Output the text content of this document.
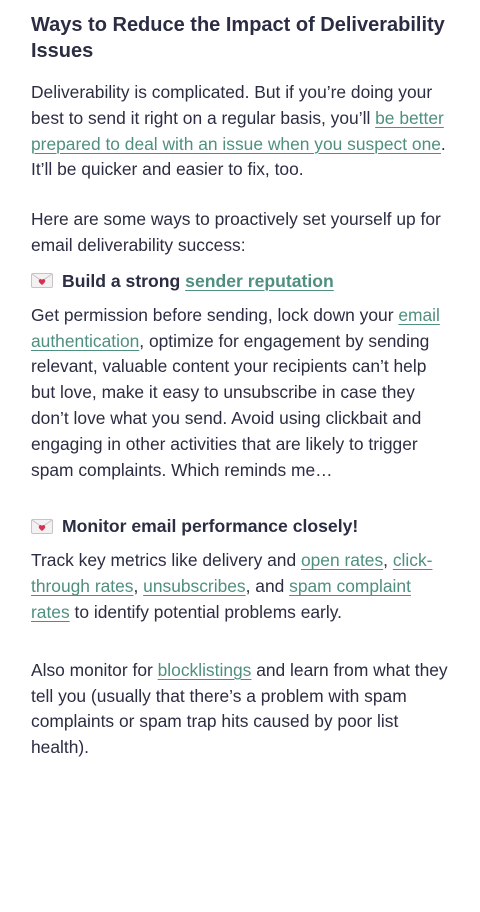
Ways to Reduce the Impact of Deliverability Issues

Deliverability is complicated. But if you’re doing your best to send it right on a regular basis, you’ll be better prepared to deal with an issue when you suspect one. It’ll be quicker and easier to fix, too.

Here are some ways to proactively set yourself up for email deliverability success:

Build a strong sender reputation

Get permission before sending, lock down your email authentication, optimize for engagement by sending relevant, valuable content your recipients can’t help but love, make it easy to unsubscribe in case they don’t love what you send. Avoid using clickbait and engaging in other activities that are likely to trigger spam complaints. Which reminds me…

Monitor email performance closely!

Track key metrics like delivery and open rates, click-through rates, unsubscribes, and spam complaint rates to identify potential problems early.

Also monitor for blocklistings and learn from what they tell you (usually that there’s a problem with spam complaints or spam trap hits caused by poor list health).
